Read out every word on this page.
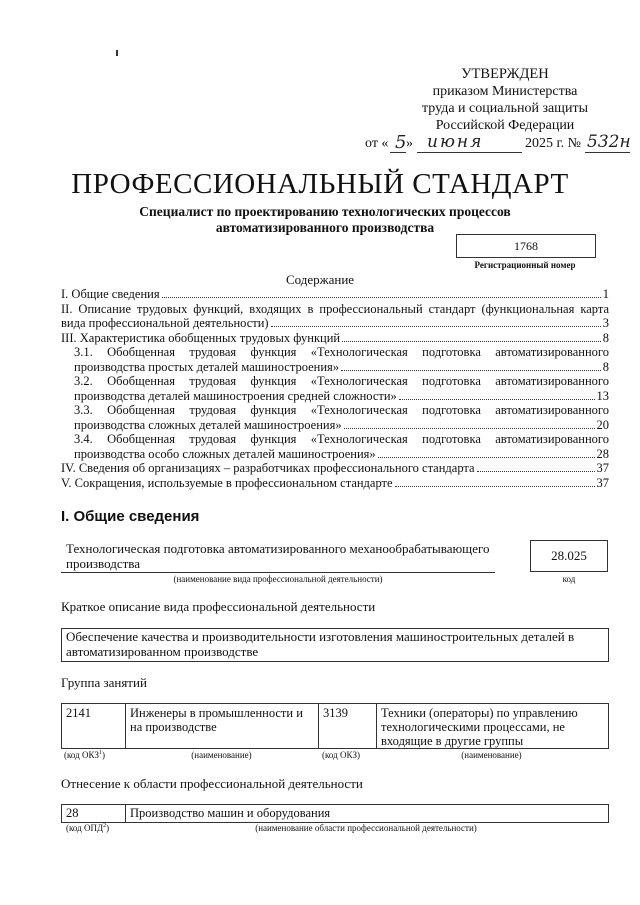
УТВЕРЖДЕН
приказом Министерства
труда и социальной защиты
Российской Федерации
от « 5 » июня	2025 г. № 532н
ПРОФЕССИОНАЛЬНЫЙ СТАНДАРТ
Специалист по проектированию технологических процессов
автоматизированного производства
1768
Регистрационный номер
Содержание
I. Общие сведения	1
II. Описание трудовых функций, входящих в профессиональный стандарт (функциональная карта
вида профессиональной деятельности)	3
III. Характеристика обобщенных трудовых функций	8
3.1. Обобщенная трудовая функция «Технологическая подготовка автоматизированного
производства простых деталей машиностроения»	8
3.2. Обобщенная трудовая функция «Технологическая подготовка автоматизированного
производства деталей машиностроения средней сложности»	13
3.3. Обобщенная трудовая функция «Технологическая подготовка автоматизированного
производства сложных деталей машиностроения»	20
3.4. Обобщенная трудовая функция «Технологическая подготовка автоматизированного
производства особо сложных деталей машиностроения»	28
IV. Сведения об организациях – разработчиках профессионального стандарта	37
V. Сокращения, используемые в профессиональном стандарте	37
I. Общие сведения
Технологическая подготовка автоматизированного механообрабатывающего
производства
(наименование вида профессиональной деятельности)
28.025
код
Краткое описание вида профессиональной деятельности
Обеспечение качества и производительности изготовления машиностроительных деталей в
автоматизированном производстве
Группа занятий
2141	Инженеры в промышленности и
на производстве
3139	Техники (операторы) по управлению
технологическими процессами, не
входящие в другие группы
(код ОКЗ$^1$)	(наименование)	(код ОКЗ)	(наименование)
Отнесение к области профессиональной деятельности
28	Производство машин и оборудования
(код ОПД$^2$)	(наименование области профессиональной деятельности)
